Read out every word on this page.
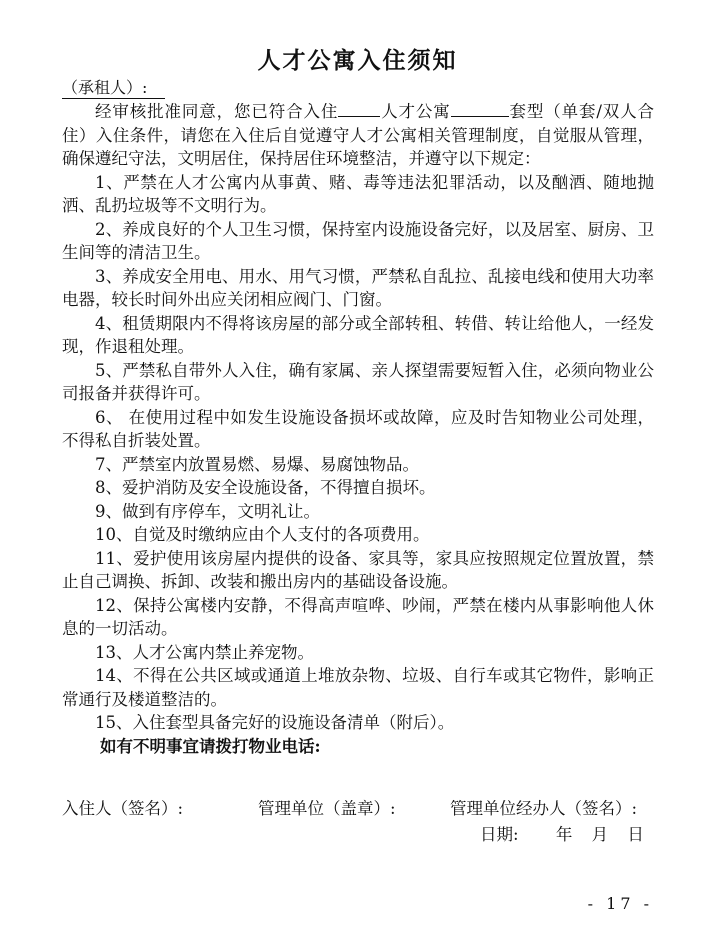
人才公寓入住须知
（承租人）:

经审核批准同意，您已符合入住	人才公寓	套型（单套/双人合住）入住条件，请您在入住后自觉遵守人才公寓相关管理制度，自觉服从管理，确保遵纪守法，文明居住，保持居住环境整洁，并遵守以下规定：

1、严禁在人才公寓内从事黄、赌、毒等违法犯罪活动，以及酗酒、随地抛洒、乱扔垃圾等不文明行为。

2、养成良好的个人卫生习惯，保持室内设施设备完好，以及居室、厨房、卫生间等的清洁卫生。

3、养成安全用电、用水、用气习惯，严禁私自乱拉、乱接电线和使用大功率电器，较长时间外出应关闭相应阀门、门窗。

4、租赁期限内不得将该房屋的部分或全部转租、转借、转让给他人，一经发现，作退租处理。

5、严禁私自带外人入住，确有家属、亲人探望需要短暂入住，必须向物业公司报备并获得许可。

6、 在使用过程中如发生设施设备损坏或故障，应及时告知物业公司处理，不得私自折装处置。

7、严禁室内放置易燃、易爆、易腐蚀物品。

8、爱护消防及安全设施设备，不得擅自损坏。

9、做到有序停车，文明礼让。

10、自觉及时缴纳应由个人支付的各项费用。

11、爱护使用该房屋内提供的设备、家具等，家具应按照规定位置放置，禁止自己调换、拆卸、改装和搬出房内的基础设备设施。

12、保持公寓楼内安静，不得高声喧哗、吵闹，严禁在楼内从事影响他人休息的一切活动。

13、人才公寓内禁止养宠物。

14、不得在公共区域或通道上堆放杂物、垃圾、自行车或其它物件，影响正常通行及楼道整洁的。

15、入住套型具备完好的设施设备清单（附后）。

如有不明事宜请拨打物业电话:

入住人（签名）:	管理单位（盖章）:	管理单位经办人（签名）:
日期: 年 月 日
- 17 -
